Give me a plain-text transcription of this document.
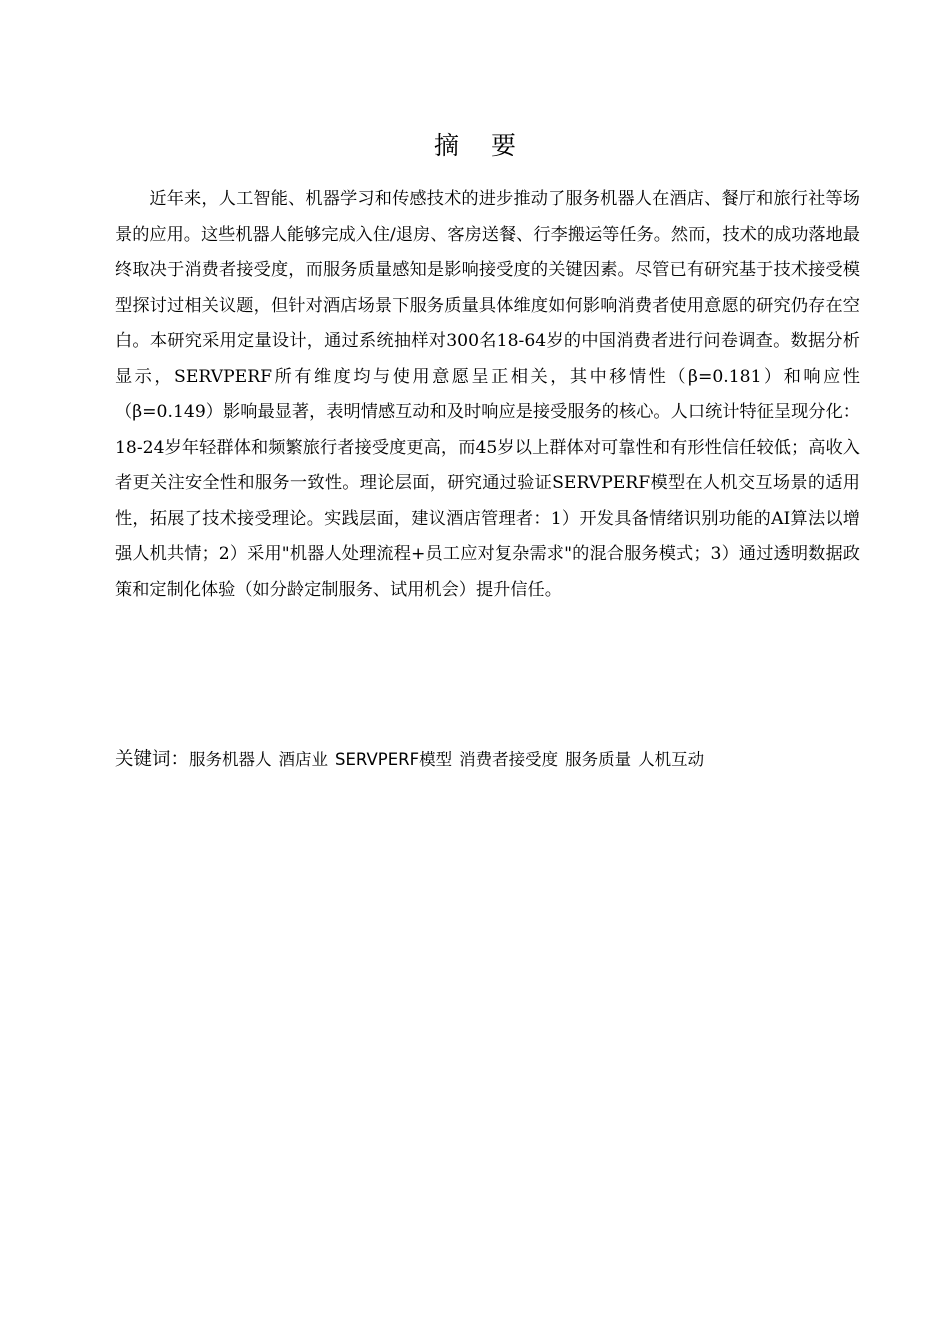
摘 要

近年来，人工智能、机器学习和传感技术的进步推动了服务机器人在酒店、餐厅和旅行社等场景的应用。这些机器人能够完成入住/退房、客房送餐、行李搬运等任务。然而，技术的成功落地最终取决于消费者接受度，而服务质量感知是影响接受度的关键因素。尽管已有研究基于技术接受模型探讨过相关议题，但针对酒店场景下服务质量具体维度如何影响消费者使用意愿的研究仍存在空白。本研究采用定量设计，通过系统抽样对300名18-64岁的中国消费者进行问卷调查。数据分析显示，SERVPERF所有维度均与使用意愿呈正相关，其中移情性（β=0.181）和响应性（β=0.149）影响最显著，表明情感互动和及时响应是接受服务的核心。人口统计特征呈现分化：18-24岁年轻群体和频繁旅行者接受度更高，而45岁以上群体对可靠性和有形性信任较低；高收入者更关注安全性和服务一致性。理论层面，研究通过验证SERVPERF模型在人机交互场景的适用性，拓展了技术接受理论。实践层面，建议酒店管理者：1）开发具备情绪识别功能的AI算法以增强人机共情；2）采用"机器人处理流程+员工应对复杂需求"的混合服务模式；3）通过透明数据政策和定制化体验（如分龄定制服务、试用机会）提升信任。

关键词：服务机器人 酒店业 SERVPERF模型 消费者接受度 服务质量 人机互动
